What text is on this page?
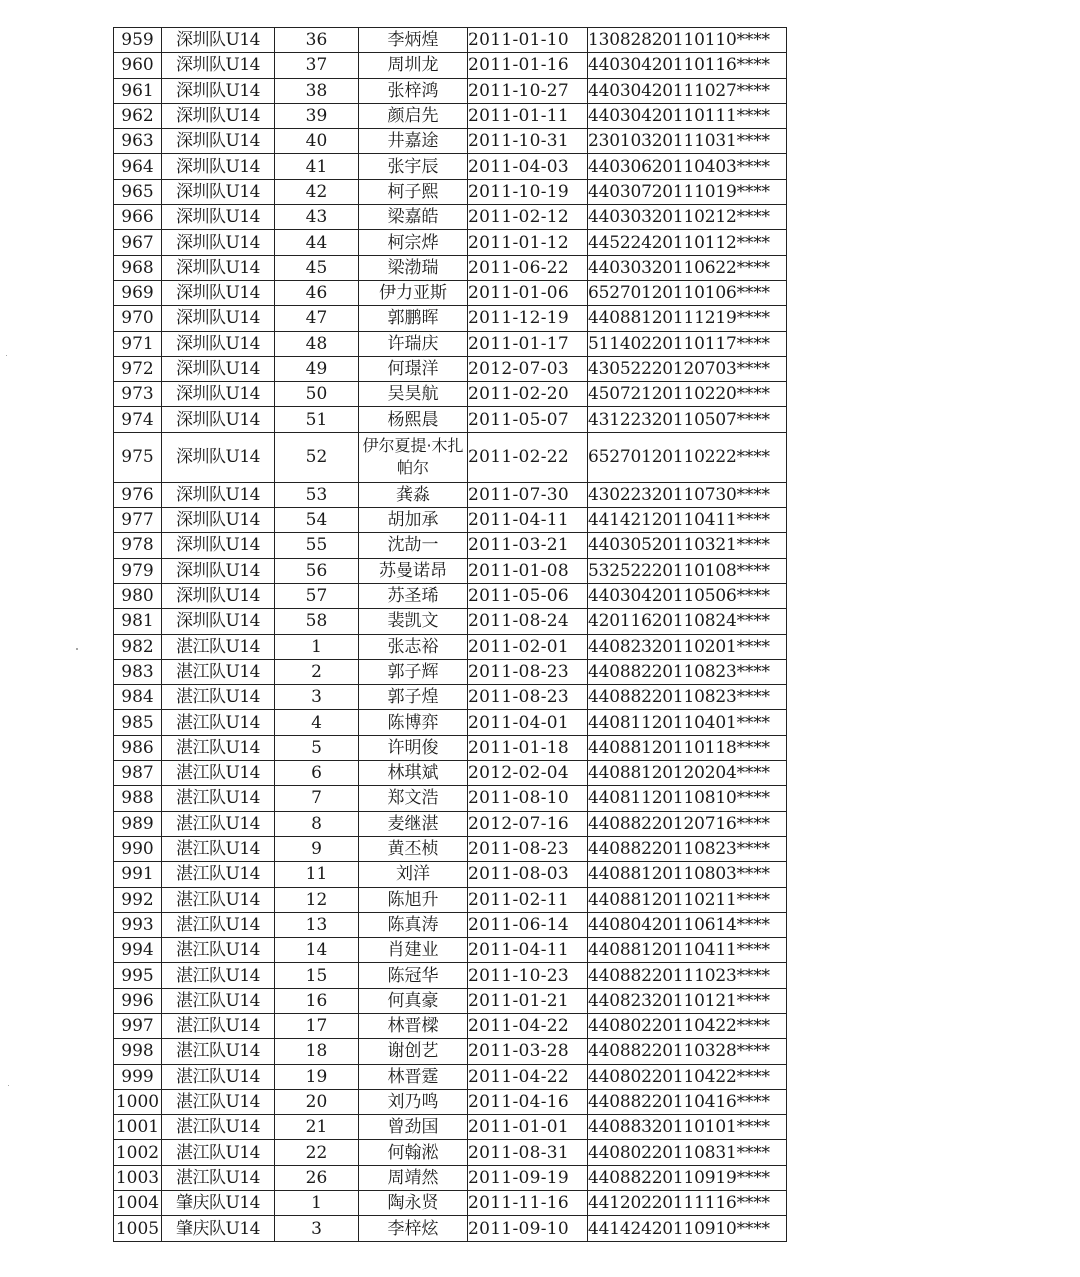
959	深圳队U14	36	李炳煌	2011-01-10	13082820110110****
960	深圳队U14	37	周圳龙	2011-01-16	44030420110116****
961	深圳队U14	38	张梓鸿	2011-10-27	44030420111027****
962	深圳队U14	39	颜启先	2011-01-11	44030420110111****
963	深圳队U14	40	井嘉途	2011-10-31	23010320111031****
964	深圳队U14	41	张宇辰	2011-04-03	44030620110403****
965	深圳队U14	42	柯子熙	2011-10-19	44030720111019****
966	深圳队U14	43	梁嘉皓	2011-02-12	44030320110212****
967	深圳队U14	44	柯宗烨	2011-01-12	44522420110112****
968	深圳队U14	45	梁渤瑞	2011-06-22	44030320110622****
969	深圳队U14	46	伊力亚斯	2011-01-06	65270120110106****
970	深圳队U14	47	郭鹏晖	2011-12-19	44088120111219****
971	深圳队U14	48	许瑞庆	2011-01-17	51140220110117****
972	深圳队U14	49	何璟洋	2012-07-03	43052220120703****
973	深圳队U14	50	吴昊航	2011-02-20	45072120110220****
974	深圳队U14	51	杨熙晨	2011-05-07	43122320110507****
975	深圳队U14	52	伊尔夏提·木扎帕尔	2011-02-22	65270120110222****
976	深圳队U14	53	龚淼	2011-07-30	43022320110730****
977	深圳队U14	54	胡加承	2011-04-11	44142120110411****
978	深圳队U14	55	沈劼一	2011-03-21	44030520110321****
979	深圳队U14	56	苏曼诺昂	2011-01-08	53252220110108****
980	深圳队U14	57	苏圣琋	2011-05-06	44030420110506****
981	深圳队U14	58	裴凯文	2011-08-24	42011620110824****
982	湛江队U14	1	张志裕	2011-02-01	44082320110201****
983	湛江队U14	2	郭子辉	2011-08-23	44088220110823****
984	湛江队U14	3	郭子煌	2011-08-23	44088220110823****
985	湛江队U14	4	陈博弈	2011-04-01	44081120110401****
986	湛江队U14	5	许明俊	2011-01-18	44088120110118****
987	湛江队U14	6	林琪斌	2012-02-04	44088120120204****
988	湛江队U14	7	郑文浩	2011-08-10	44081120110810****
989	湛江队U14	8	麦继湛	2012-07-16	44088220120716****
990	湛江队U14	9	黄丕桢	2011-08-23	44088220110823****
991	湛江队U14	11	刘洋	2011-08-03	44088120110803****
992	湛江队U14	12	陈旭升	2011-02-11	44088120110211****
993	湛江队U14	13	陈真涛	2011-06-14	44080420110614****
994	湛江队U14	14	肖建业	2011-04-11	44088120110411****
995	湛江队U14	15	陈冠华	2011-10-23	44088220111023****
996	湛江队U14	16	何真豪	2011-01-21	44082320110121****
997	湛江队U14	17	林晋樑	2011-04-22	44080220110422****
998	湛江队U14	18	谢创艺	2011-03-28	44088220110328****
999	湛江队U14	19	林晋霆	2011-04-22	44080220110422****
1000	湛江队U14	20	刘乃鸣	2011-04-16	44088220110416****
1001	湛江队U14	21	曾劲国	2011-01-01	44088320110101****
1002	湛江队U14	22	何翰淞	2011-08-31	44080220110831****
1003	湛江队U14	26	周靖然	2011-09-19	44088220110919****
1004	肇庆队U14	1	陶永贤	2011-11-16	44120220111116****
1005	肇庆队U14	3	李梓炫	2011-09-10	44142420110910****
